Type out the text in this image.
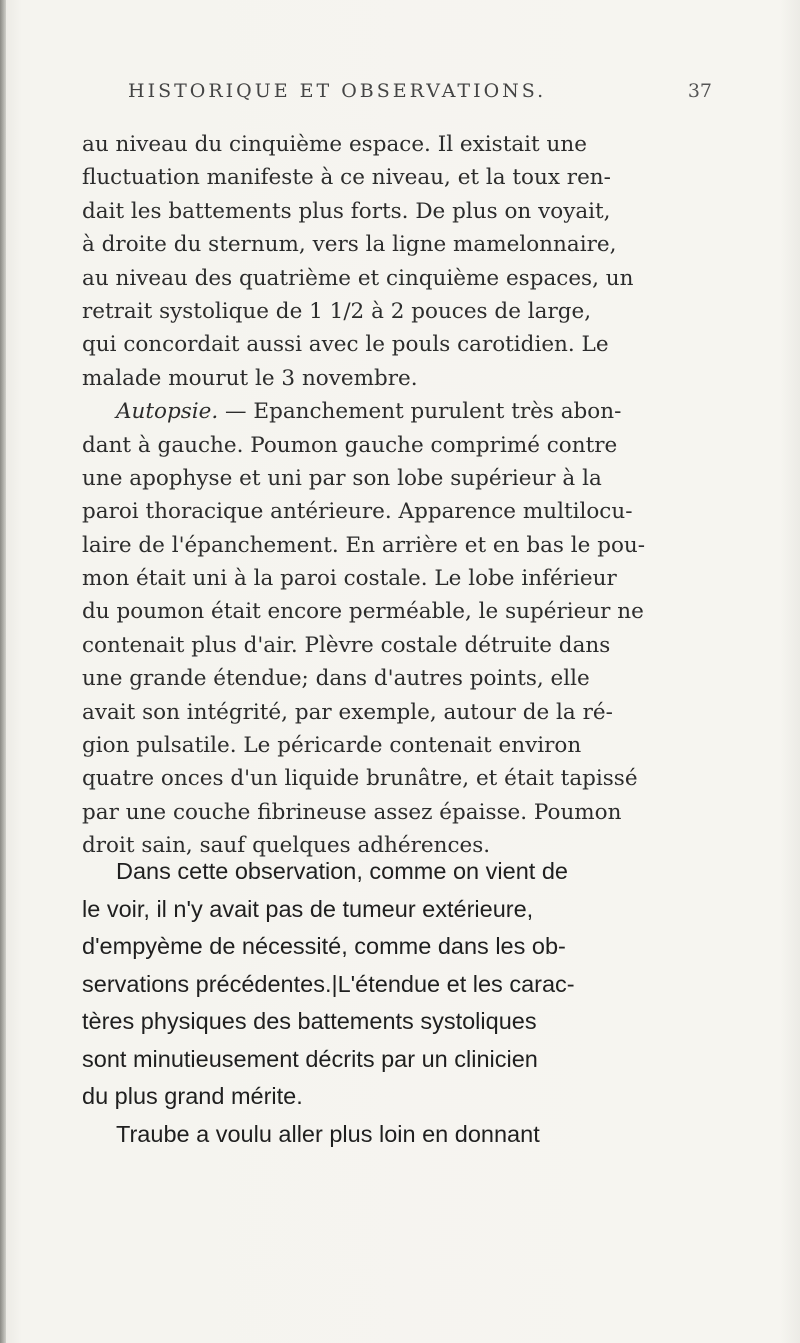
HISTORIQUE ET OBSERVATIONS.	37
au niveau du cinquième espace. Il existait une
fluctuation manifeste à ce niveau, et la toux ren-
dait les battements plus forts. De plus on voyait,
à droite du sternum, vers la ligne mamelonnaire,
au niveau des quatrième et cinquième espaces, un
retrait systolique de 1 1/2 à 2 pouces de large,
qui concordait aussi avec le pouls carotidien. Le
malade mourut le 3 novembre.
Autopsie. — Epanchement purulent très abon-
dant à gauche. Poumon gauche comprimé contre
une apophyse et uni par son lobe supérieur à la
paroi thoracique antérieure. Apparence multilocu-
laire de l'épanchement. En arrière et en bas le pou-
mon était uni à la paroi costale. Le lobe inférieur
du poumon était encore perméable, le supérieur ne
contenait plus d'air. Plèvre costale détruite dans
une grande étendue; dans d'autres points, elle
avait son intégrité, par exemple, autour de la ré-
gion pulsatile. Le péricarde contenait environ
quatre onces d'un liquide brunâtre, et était tapissé
par une couche fibrineuse assez épaisse. Poumon
droit sain, sauf quelques adhérences.
Dans cette observation, comme on vient de
le voir, il n'y avait pas de tumeur extérieure,
d'empyème de nécessité, comme dans les ob-
servations précédentes.|L'étendue et les carac-
tères physiques des battements systoliques
sont minutieusement décrits par un clinicien
du plus grand mérite.
Traube a voulu aller plus loin en donnant
